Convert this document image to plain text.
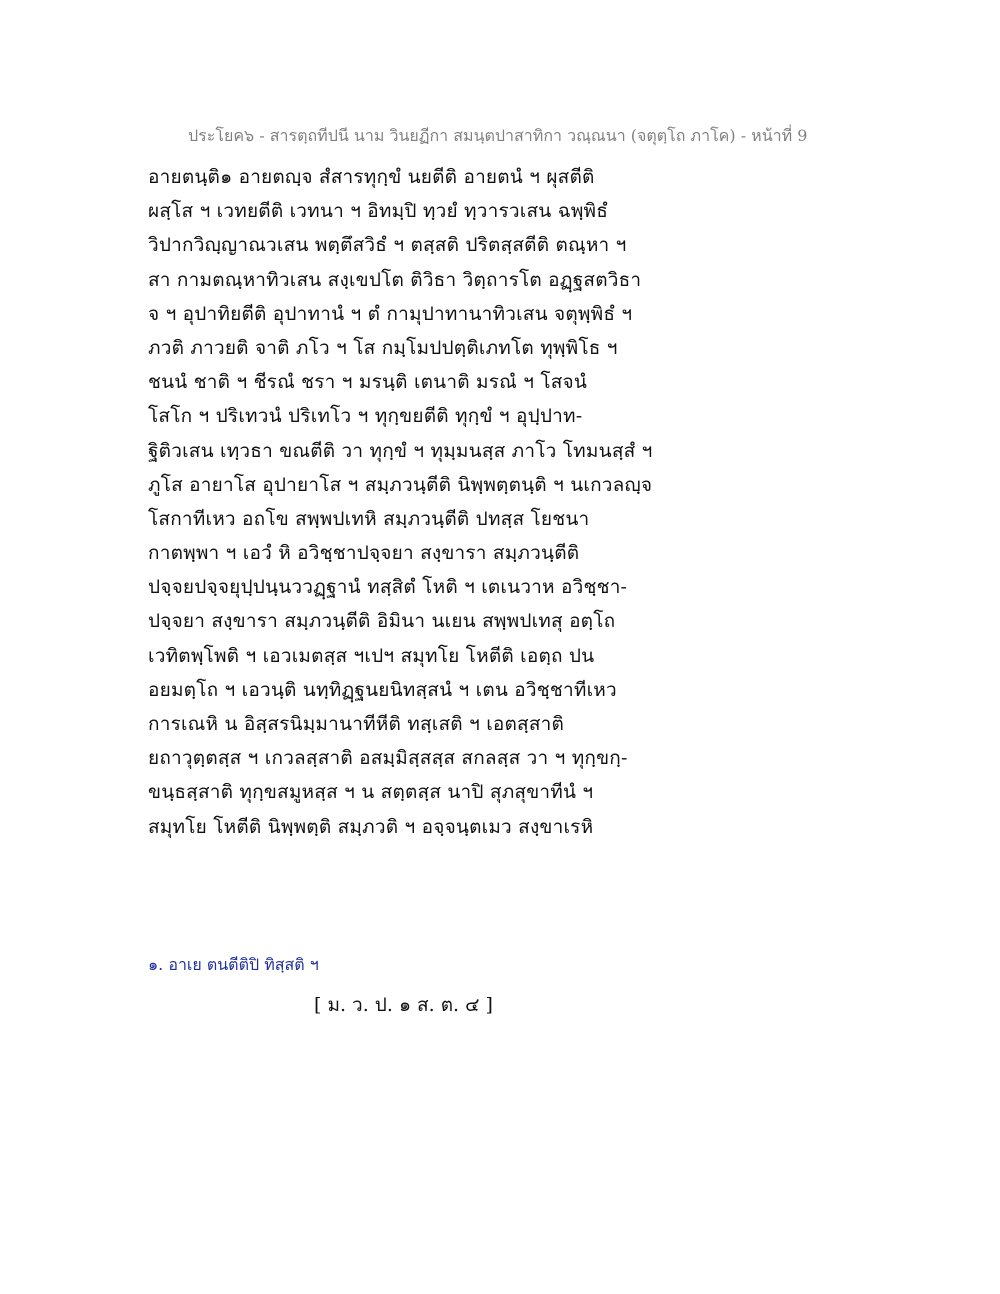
ประโยค๖ - สารตฺถทีปนี นาม วินยฏีกา สมนฺตปาสาทิกา วณฺณนา (จตุตฺโถ ภาโค) - หน้าที่ 9
อายตนฺติ๑ อายตญฺจ สํสารทุกฺขํ นยตีติ อายตนํ ฯ ผุสตีติ
ผสฺโส ฯ เวทยตีติ เวทนา ฯ อิทมฺปิ ทฺวยํ ทฺวารวเสน ฉพฺพิธํ
วิปากวิญฺญาณวเสน พตฺตึสวิธํ ฯ ตสฺสติ ปริตสฺสตีติ ตณฺหา ฯ
สา กามตณฺหาทิวเสน สงฺเขปโต ติวิธา วิตฺถารโต อฏฺฐสตวิธา
จ ฯ อุปาทิยตีติ อุปาทานํ ฯ ตํ กามุปาทานาทิวเสน จตุพฺพิธํ ฯ
ภวติ ภาวยติ จาติ ภโว ฯ โส กมฺโมปปตฺติเภทโต ทุพฺพิโธ ฯ
ชนนํ ชาติ ฯ ชีรณํ ชรา ฯ มรนฺติ เตนาติ มรณํ ฯ โสจนํ
โสโก ฯ ปริเทวนํ ปริเทโว ฯ ทุกฺขยตีติ ทุกฺขํ ฯ อุปฺปาท-
ฐิติวเสน เทฺวธา ขณตีติ วา ทุกฺขํ ฯ ทุมฺมนสฺส ภาโว โทมนสฺสํ ฯ
ภูโส อายาโส อุปายาโส ฯ สมฺภวนฺตีติ นิพฺพตฺตนฺติ ฯ นเกวลญฺจ
โสกาทีเหว อถโข สพฺพปเทหิ สมฺภวนฺตีติ ปทสฺส โยชนา
กาตพฺพา ฯ เอวํ หิ อวิชฺชาปจฺจยา สงฺขารา สมฺภวนฺตีติ
ปจฺจยปจฺจยุปฺปนฺนววฏฺฐานํ ทสฺสิตํ โหติ ฯ เตเนวาห อวิชฺชา-
ปจฺจยา สงฺขารา สมฺภวนฺตีติ อิมินา นเยน สพฺพปเทสุ อตฺโถ
เวทิตพฺโพติ ฯ เอวเมตสฺส ฯเปฯ สมุทโย โหตีติ เอตฺถ ปน
อยมตฺโถ ฯ เอวนฺติ นทฺทิฏฺฐนยนิทสฺสนํ ฯ เตน อวิชฺชาทีเหว
การเณหิ น อิสฺสรนิมฺมานาทีหีติ ทสฺเสติ ฯ เอตสฺสาติ
ยถาวุตฺตสฺส ฯ เกวลสฺสาติ อสมฺมิสฺสสฺส สกลสฺส วา ฯ ทุกฺขกฺ-
ขนฺธสฺสาติ ทุกฺขสมูหสฺส ฯ น สตฺตสฺส นาปิ สุภสุขาทีนํ ฯ
สมุทโย โหตีติ นิพฺพตฺติ สมฺภวติ ฯ อจฺจนฺตเมว สงฺขาเรหิ
๑. อาเย ตนตีติปิ ทิสฺสติ ฯ
[ ม. ว. ป. ๑ ส. ต. ๔ ]
